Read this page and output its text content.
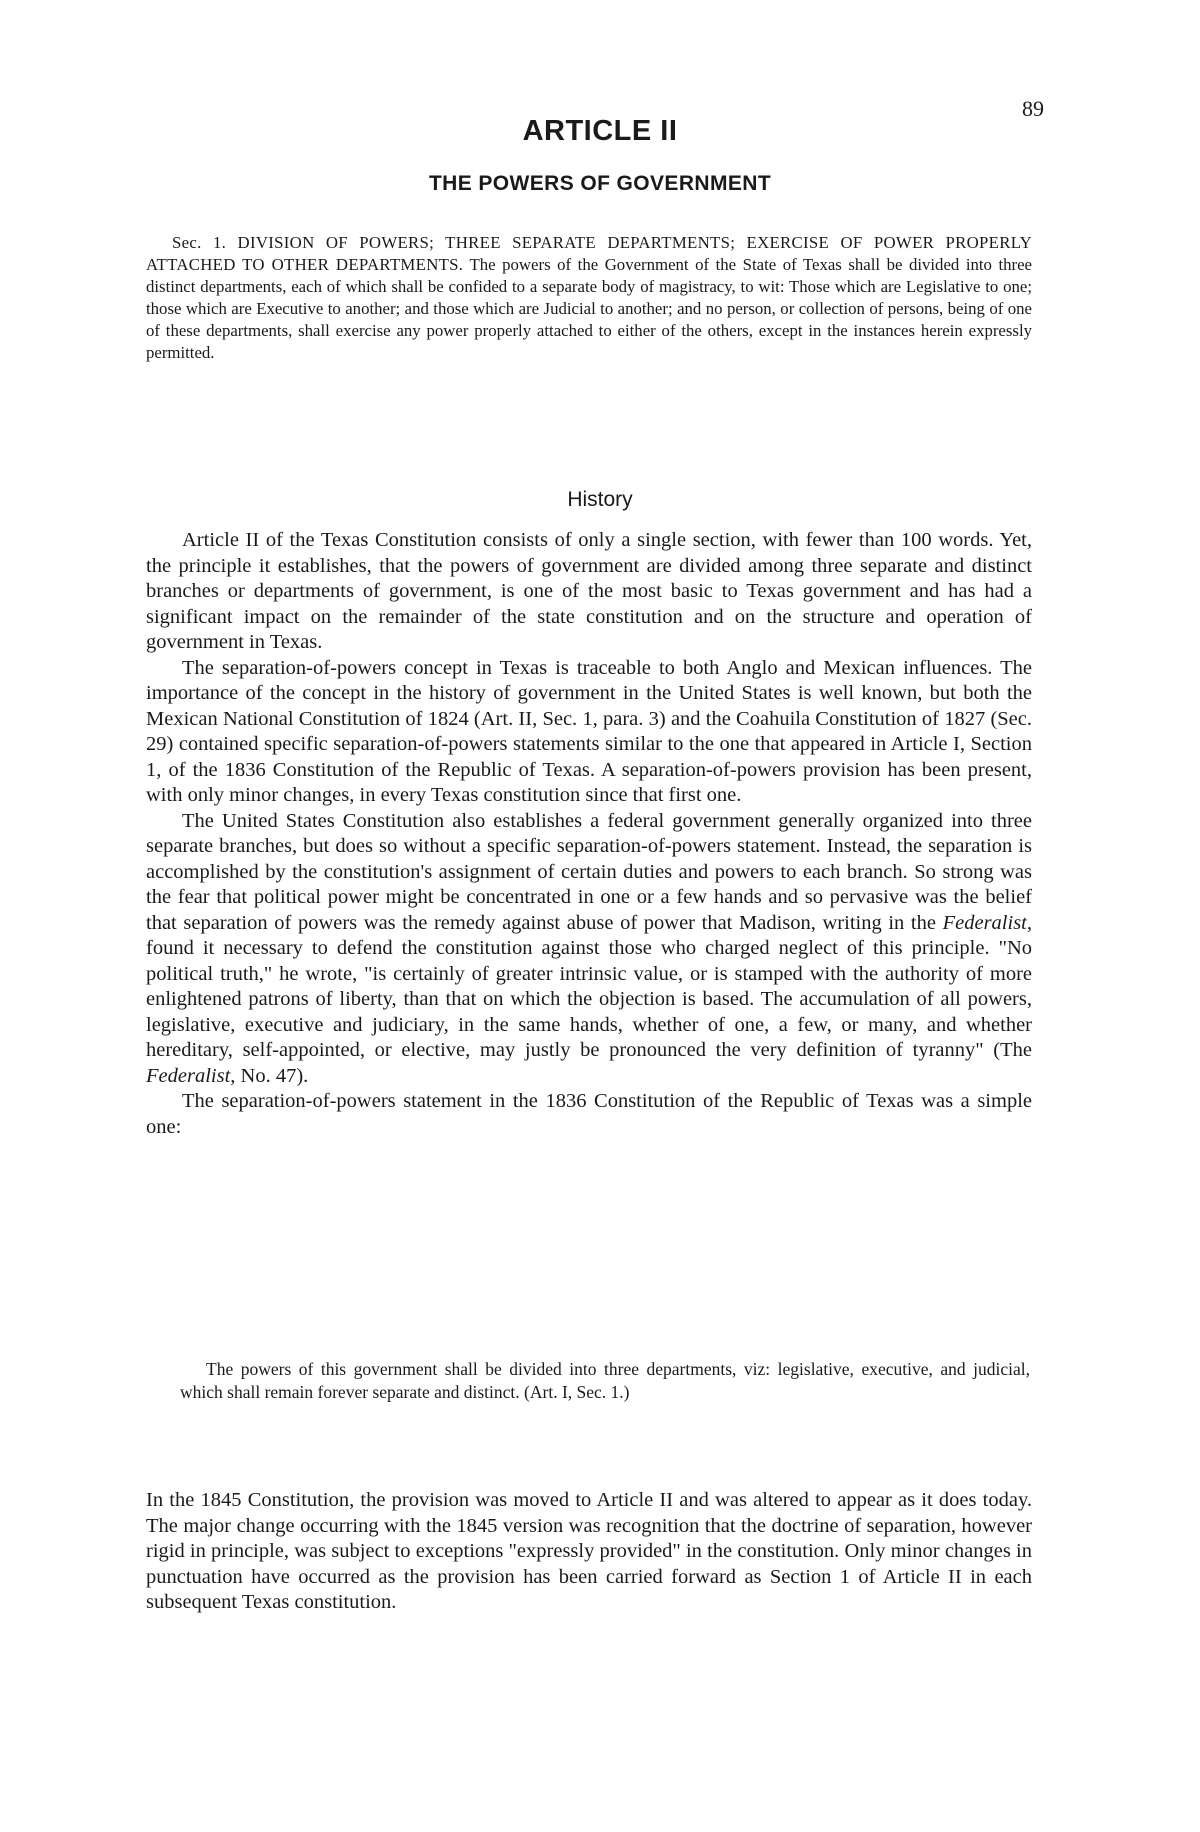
89
ARTICLE II
THE POWERS OF GOVERNMENT

Sec. 1. DIVISION OF POWERS; THREE SEPARATE DEPARTMENTS; EXERCISE OF POWER PROPERLY ATTACHED TO OTHER DEPARTMENTS. The powers of the Government of the State of Texas shall be divided into three distinct departments, each of which shall be confided to a separate body of magistracy, to wit: Those which are Legislative to one; those which are Executive to another; and those which are Judicial to another; and no person, or collection of persons, being of one of these departments, shall exercise any power properly attached to either of the others, except in the instances herein expressly permitted.

History

Article II of the Texas Constitution consists of only a single section, with fewer than 100 words. Yet, the principle it establishes, that the powers of government are divided among three separate and distinct branches or departments of government, is one of the most basic to Texas government and has had a significant impact on the remainder of the state constitution and on the structure and operation of government in Texas.

The separation-of-powers concept in Texas is traceable to both Anglo and Mexican influences. The importance of the concept in the history of government in the United States is well known, but both the Mexican National Constitution of 1824 (Art. II, Sec. 1, para. 3) and the Coahuila Constitution of 1827 (Sec. 29) contained specific separation-of-powers statements similar to the one that appeared in Article I, Section 1, of the 1836 Constitution of the Republic of Texas. A separation-of-powers provision has been present, with only minor changes, in every Texas constitution since that first one.

The United States Constitution also establishes a federal government generally organized into three separate branches, but does so without a specific separation-of-powers statement. Instead, the separation is accomplished by the constitution's assignment of certain duties and powers to each branch. So strong was the fear that political power might be concentrated in one or a few hands and so pervasive was the belief that separation of powers was the remedy against abuse of power that Madison, writing in the Federalist, found it necessary to defend the constitution against those who charged neglect of this principle. "No political truth," he wrote, "is certainly of greater intrinsic value, or is stamped with the authority of more enlightened patrons of liberty, than that on which the objection is based. The accumulation of all powers, legislative, executive and judiciary, in the same hands, whether of one, a few, or many, and whether hereditary, self-appointed, or elective, may justly be pronounced the very definition of tyranny" (The Federalist, No. 47).

The separation-of-powers statement in the 1836 Constitution of the Republic of Texas was a simple one:

The powers of this government shall be divided into three departments, viz: legislative, executive, and judicial, which shall remain forever separate and distinct. (Art. I, Sec. 1.)

In the 1845 Constitution, the provision was moved to Article II and was altered to appear as it does today. The major change occurring with the 1845 version was recognition that the doctrine of separation, however rigid in principle, was subject to exceptions "expressly provided" in the constitution. Only minor changes in punctuation have occurred as the provision has been carried forward as Section 1 of Article II in each subsequent Texas constitution.
